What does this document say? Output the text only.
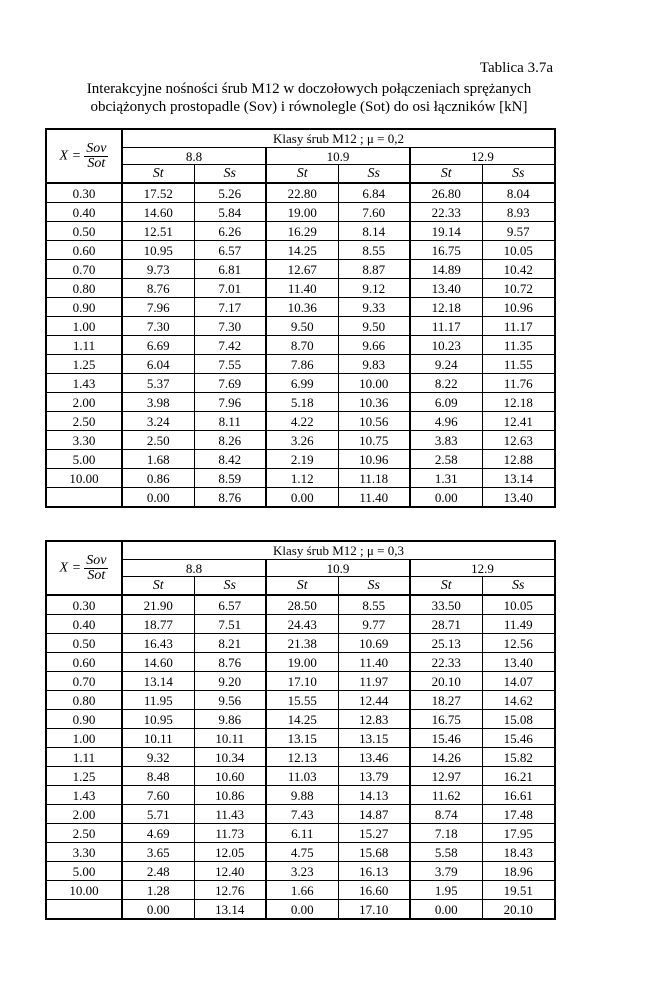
Tablica 3.7a
Interakcyjne nośności śrub M12 w doczołowych połączeniach sprężanych
obciążonych prostopadle (Sov) i równolegle (Sot) do osi łączników [kN]
$X = \frac{\text{Sov}}{\text{Sot}}$	Klasy śrub M12 ; μ = 0,2					
	8.8		10.9		12.9	
	St	Ss	St	Ss	St	Ss
0.30	17.52	5.26	22.80	6.84	26.80	8.04
0.40	14.60	5.84	19.00	7.60	22.33	8.93
0.50	12.51	6.26	16.29	8.14	19.14	9.57
0.60	10.95	6.57	14.25	8.55	16.75	10.05
0.70	9.73	6.81	12.67	8.87	14.89	10.42
0.80	8.76	7.01	11.40	9.12	13.40	10.72
0.90	7.96	7.17	10.36	9.33	12.18	10.96
1.00	7.30	7.30	9.50	9.50	11.17	11.17
1.11	6.69	7.42	8.70	9.66	10.23	11.35
1.25	6.04	7.55	7.86	9.83	9.24	11.55
1.43	5.37	7.69	6.99	10.00	8.22	11.76
2.00	3.98	7.96	5.18	10.36	6.09	12.18
2.50	3.24	8.11	4.22	10.56	4.96	12.41
3.30	2.50	8.26	3.26	10.75	3.83	12.63
5.00	1.68	8.42	2.19	10.96	2.58	12.88
10.00	0.86	8.59	1.12	11.18	1.31	13.14
	0.00	8.76	0.00	11.40	0.00	13.40
$X = \frac{\text{Sov}}{\text{Sot}}$	Klasy śrub M12 ; μ = 0,3					
	8.8		10.9		12.9	
	St	Ss	St	Ss	St	Ss
0.30	21.90	6.57	28.50	8.55	33.50	10.05
0.40	18.77	7.51	24.43	9.77	28.71	11.49
0.50	16.43	8.21	21.38	10.69	25.13	12.56
0.60	14.60	8.76	19.00	11.40	22.33	13.40
0.70	13.14	9.20	17.10	11.97	20.10	14.07
0.80	11.95	9.56	15.55	12.44	18.27	14.62
0.90	10.95	9.86	14.25	12.83	16.75	15.08
1.00	10.11	10.11	13.15	13.15	15.46	15.46
1.11	9.32	10.34	12.13	13.46	14.26	15.82
1.25	8.48	10.60	11.03	13.79	12.97	16.21
1.43	7.60	10.86	9.88	14.13	11.62	16.61
2.00	5.71	11.43	7.43	14.87	8.74	17.48
2.50	4.69	11.73	6.11	15.27	7.18	17.95
3.30	3.65	12.05	4.75	15.68	5.58	18.43
5.00	2.48	12.40	3.23	16.13	3.79	18.96
10.00	1.28	12.76	1.66	16.60	1.95	19.51
	0.00	13.14	0.00	17.10	0.00	20.10
